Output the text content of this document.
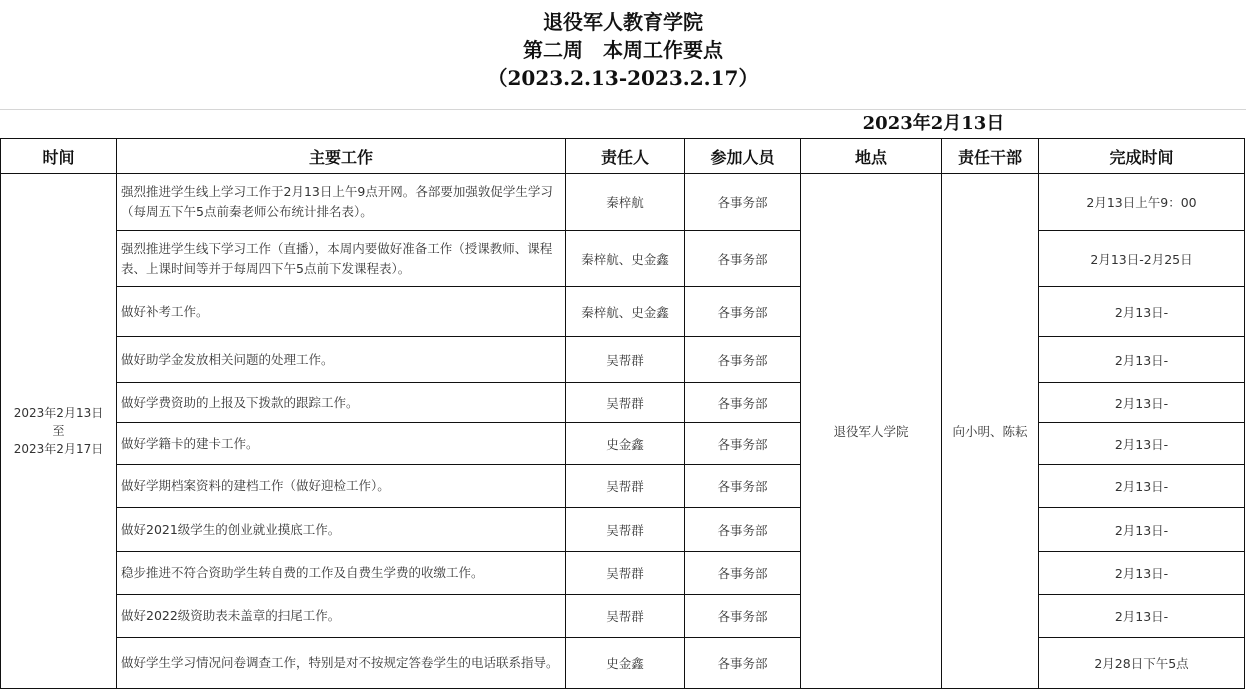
退役军人教育学院
第二周　本周工作要点
（2023.2.13-2023.2.17）
2023年2月13日
时间	主要工作	责任人	参加人员	地点	责任干部	完成时间

2023年2月13日
至
2023年2月17日	强烈推进学生线上学习工作于2月13日上午9点开网。各部要加强敦促学生学习（每周五下午5点前秦老师公布统计排名表）。	秦梓航	各事务部	退役军人学院	向小明、陈耘	2月13日上午9：00
	强烈推进学生线下学习工作（直播），本周内要做好准备工作（授课教师、课程表、上课时间等并于每周四下午5点前下发课程表）。	秦梓航、史金鑫	各事务部			2月13日-2月25日
	做好补考工作。	秦梓航、史金鑫	各事务部			2月13日-
	做好助学金发放相关问题的处理工作。	吴帮群	各事务部			2月13日-
	做好学费资助的上报及下拨款的跟踪工作。	吴帮群	各事务部			2月13日-
	做好学籍卡的建卡工作。	史金鑫	各事务部			2月13日-
	做好学期档案资料的建档工作（做好迎检工作）。	吴帮群	各事务部			2月13日-
	做好2021级学生的创业就业摸底工作。	吴帮群	各事务部			2月13日-
	稳步推进不符合资助学生转自费的工作及自费生学费的收缴工作。	吴帮群	各事务部			2月13日-
	做好2022级资助表未盖章的扫尾工作。	吴帮群	各事务部			2月13日-
	做好学生学习情况问卷调查工作，特别是对不按规定答卷学生的电话联系指导。	史金鑫	各事务部			2月28日下午5点
